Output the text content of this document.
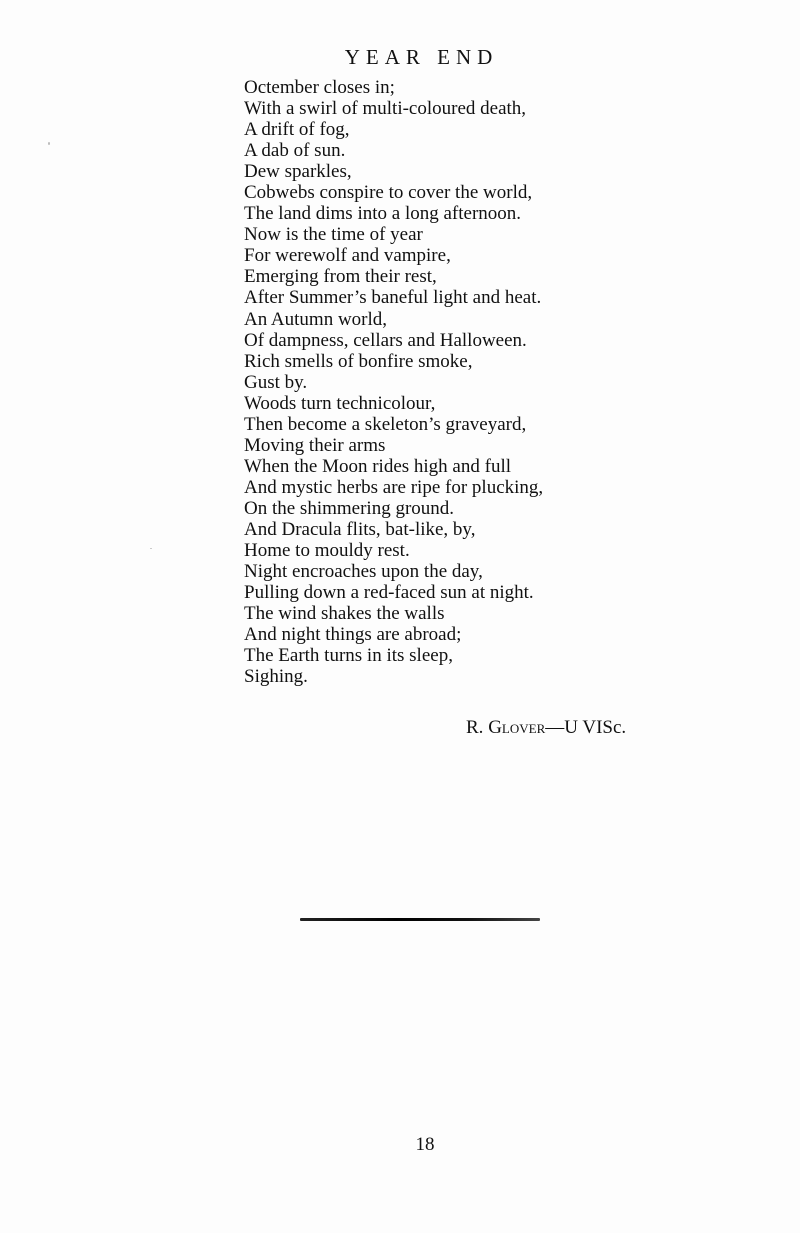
YEAR END
Octember closes in;
With a swirl of multi-coloured death,
A drift of fog,
A dab of sun.
Dew sparkles,
Cobwebs conspire to cover the world,
The land dims into a long afternoon.
Now is the time of year
For werewolf and vampire,
Emerging from their rest,
After Summer’s baneful light and heat.
An Autumn world,
Of dampness, cellars and Halloween.
Rich smells of bonfire smoke,
Gust by.
Woods turn technicolour,
Then become a skeleton’s graveyard,
Moving their arms
When the Moon rides high and full
And mystic herbs are ripe for plucking,
On the shimmering ground.
And Dracula flits, bat-like, by,
Home to mouldy rest.
Night encroaches upon the day,
Pulling down a red-faced sun at night.
The wind shakes the walls
And night things are abroad;
The Earth turns in its sleep,
Sighing.
R. Glover—U VISc.
18
